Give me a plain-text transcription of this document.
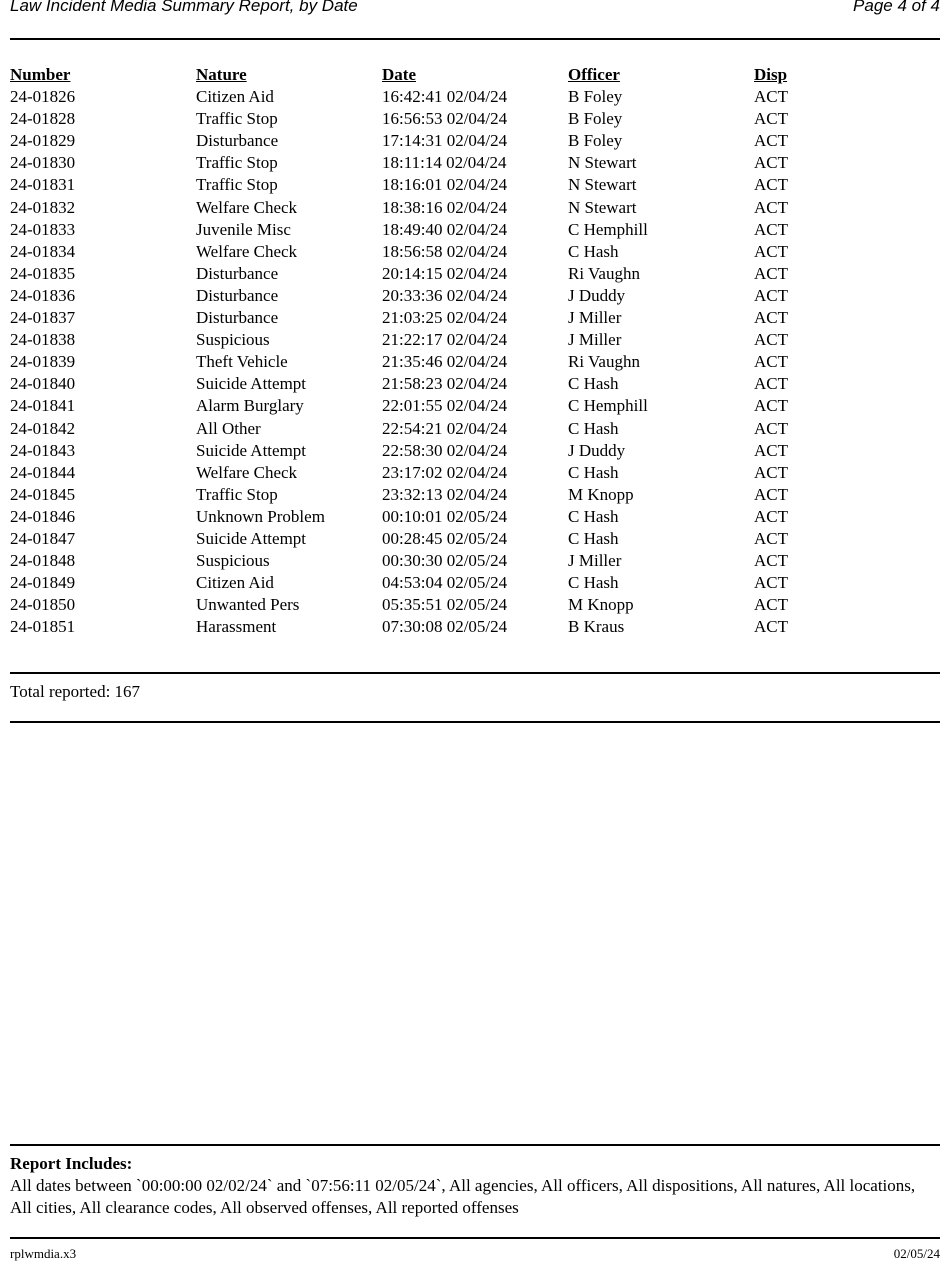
Law Incident Media Summary Report, by Date	Page 4 of 4
Number	Nature	Date	Officer	Disp
24-01826	Citizen Aid	16:42:41 02/04/24	B Foley	ACT
24-01828	Traffic Stop	16:56:53 02/04/24	B Foley	ACT
24-01829	Disturbance	17:14:31 02/04/24	B Foley	ACT
24-01830	Traffic Stop	18:11:14 02/04/24	N Stewart	ACT
24-01831	Traffic Stop	18:16:01 02/04/24	N Stewart	ACT
24-01832	Welfare Check	18:38:16 02/04/24	N Stewart	ACT
24-01833	Juvenile Misc	18:49:40 02/04/24	C Hemphill	ACT
24-01834	Welfare Check	18:56:58 02/04/24	C Hash	ACT
24-01835	Disturbance	20:14:15 02/04/24	Ri Vaughn	ACT
24-01836	Disturbance	20:33:36 02/04/24	J Duddy	ACT
24-01837	Disturbance	21:03:25 02/04/24	J Miller	ACT
24-01838	Suspicious	21:22:17 02/04/24	J Miller	ACT
24-01839	Theft Vehicle	21:35:46 02/04/24	Ri Vaughn	ACT
24-01840	Suicide Attempt	21:58:23 02/04/24	C Hash	ACT
24-01841	Alarm Burglary	22:01:55 02/04/24	C Hemphill	ACT
24-01842	All Other	22:54:21 02/04/24	C Hash	ACT
24-01843	Suicide Attempt	22:58:30 02/04/24	J Duddy	ACT
24-01844	Welfare Check	23:17:02 02/04/24	C Hash	ACT
24-01845	Traffic Stop	23:32:13 02/04/24	M Knopp	ACT
24-01846	Unknown Problem	00:10:01 02/05/24	C Hash	ACT
24-01847	Suicide Attempt	00:28:45 02/05/24	C Hash	ACT
24-01848	Suspicious	00:30:30 02/05/24	J Miller	ACT
24-01849	Citizen Aid	04:53:04 02/05/24	C Hash	ACT
24-01850	Unwanted Pers	05:35:51 02/05/24	M Knopp	ACT
24-01851	Harassment	07:30:08 02/05/24	B Kraus	ACT
Total reported: 167
Report Includes:
All dates between `00:00:00 02/02/24` and `07:56:11 02/05/24`, All agencies, All officers, All dispositions, All natures, All locations, All cities, All clearance codes, All observed offenses, All reported offenses
rplwmdia.x3	02/05/24
